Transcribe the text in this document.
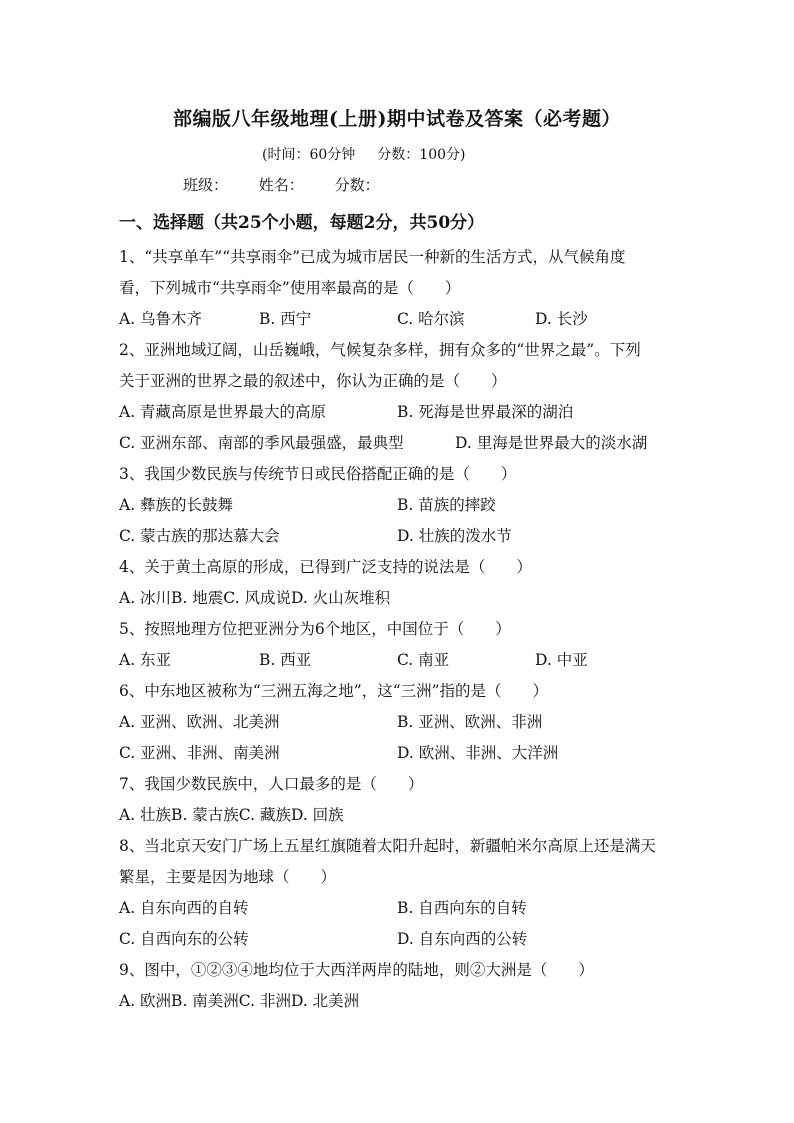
部编版八年级地理(上册)期中试卷及答案（必考题）
(时间：60分钟 分数：100分)
班级： 姓名： 分数：
一、选择题（共25个小题，每题2分，共50分）
1、“共享单车”“共享雨伞”已成为城市居民一种新的生活方式，从气候角度
看，下列城市“共享雨伞”使用率最高的是（　　）
A. 乌鲁木齐	B. 西宁	C. 哈尔滨	D. 长沙
2、亚洲地域辽阔，山岳巍峨，气候复杂多样，拥有众多的“世界之最”。下列
关于亚洲的世界之最的叙述中，你认为正确的是（　　）
A. 青藏高原是世界最大的高原	B. 死海是世界最深的湖泊
C. 亚洲东部、南部的季风最强盛，最典型	D. 里海是世界最大的淡水湖
3、我国少数民族与传统节日或民俗搭配正确的是（　　）
A. 彝族的长鼓舞	B. 苗族的摔跤
C. 蒙古族的那达慕大会	D. 壮族的泼水节
4、关于黄土高原的形成，已得到广泛支持的说法是（　　）
A. 冰川B. 地震C. 风成说D. 火山灰堆积
5、按照地理方位把亚洲分为6个地区，中国位于（　　）
A. 东亚	B. 西亚	C. 南亚	D. 中亚
6、中东地区被称为“三洲五海之地”，这“三洲”指的是（　　）
A. 亚洲、欧洲、北美洲	B. 亚洲、欧洲、非洲
C. 亚洲、非洲、南美洲	D. 欧洲、非洲、大洋洲
7、我国少数民族中，人口最多的是（　　）
A. 壮族B. 蒙古族C. 藏族D. 回族
8、当北京天安门广场上五星红旗随着太阳升起时，新疆帕米尔高原上还是满天
繁星，主要是因为地球（　　）
A. 自东向西的自转	B. 自西向东的自转
C. 自西向东的公转	D. 自东向西的公转
9、图中，①②③④地均位于大西洋两岸的陆地，则②大洲是（　　）
A. 欧洲B. 南美洲C. 非洲D. 北美洲
